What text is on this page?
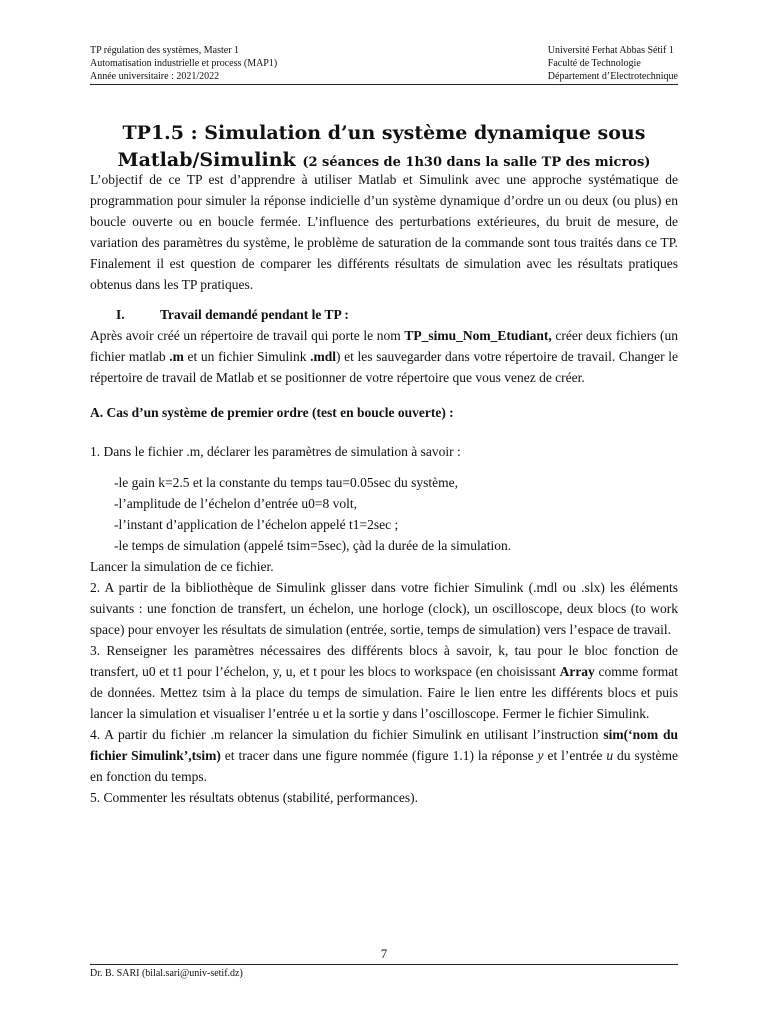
TP régulation des systèmes, Master 1
Automatisation industrielle et process (MAP1)
Année universitaire : 2021/2022
Université Ferhat Abbas Sétif 1
Faculté de Technologie
Département d’Electrotechnique
TP1.5 : Simulation d’un système dynamique sous
Matlab/Simulink (2 séances de 1h30 dans la salle TP des micros)

L’objectif de ce TP est d’apprendre à utiliser Matlab et Simulink avec une approche systématique de programmation pour simuler la réponse indicielle d’un système dynamique d’ordre un ou deux (ou plus) en boucle ouverte ou en boucle fermée. L’influence des perturbations extérieures, du bruit de mesure, de variation des paramètres du système, le problème de saturation de la commande sont tous traités dans ce TP. Finalement il est question de comparer les différents résultats de simulation avec les résultats pratiques obtenus dans les TP pratiques.

I.	Travail demandé pendant le TP :

Après avoir créé un répertoire de travail qui porte le nom TP_simu_Nom_Etudiant, créer deux fichiers (un fichier matlab .m et un fichier Simulink .mdl) et les sauvegarder dans votre répertoire de travail. Changer le répertoire de travail de Matlab et se positionner de votre répertoire que vous venez de créer.

A. Cas d’un système de premier ordre (test en boucle ouverte) :

1. Dans le fichier .m, déclarer les paramètres de simulation à savoir :

-le gain k=2.5 et la constante du temps tau=0.05sec du système,
-l’amplitude de l’échelon d’entrée u0=8 volt,
-l’instant d’application de l’échelon appelé t1=2sec ;
-le temps de simulation (appelé tsim=5sec), çàd la durée de la simulation.

Lancer la simulation de ce fichier.

2. A partir de la bibliothèque de Simulink glisser dans votre fichier Simulink (.mdl ou .slx) les éléments suivants : une fonction de transfert, un échelon, une horloge (clock), un oscilloscope, deux blocs (to work space) pour envoyer les résultats de simulation (entrée, sortie, temps de simulation) vers l’espace de travail.

3. Renseigner les paramètres nécessaires des différents blocs à savoir, k, tau pour le bloc fonction de transfert, u0 et t1 pour l’échelon, y, u, et t pour les blocs to workspace (en choisissant Array comme format de données. Mettez tsim à la place du temps de simulation. Faire le lien entre les différents blocs et puis lancer la simulation et visualiser l’entrée u et la sortie y dans l’oscilloscope. Fermer le fichier Simulink.

4. A partir du fichier .m relancer la simulation du fichier Simulink en utilisant l’instruction sim(‘nom du fichier Simulink’,tsim) et tracer dans une figure nommée (figure 1.1) la réponse y et l’entrée u du système en fonction du temps.

5. Commenter les résultats obtenus (stabilité, performances).

7
Dr. B. SARI (bilal.sari@univ-setif.dz)
